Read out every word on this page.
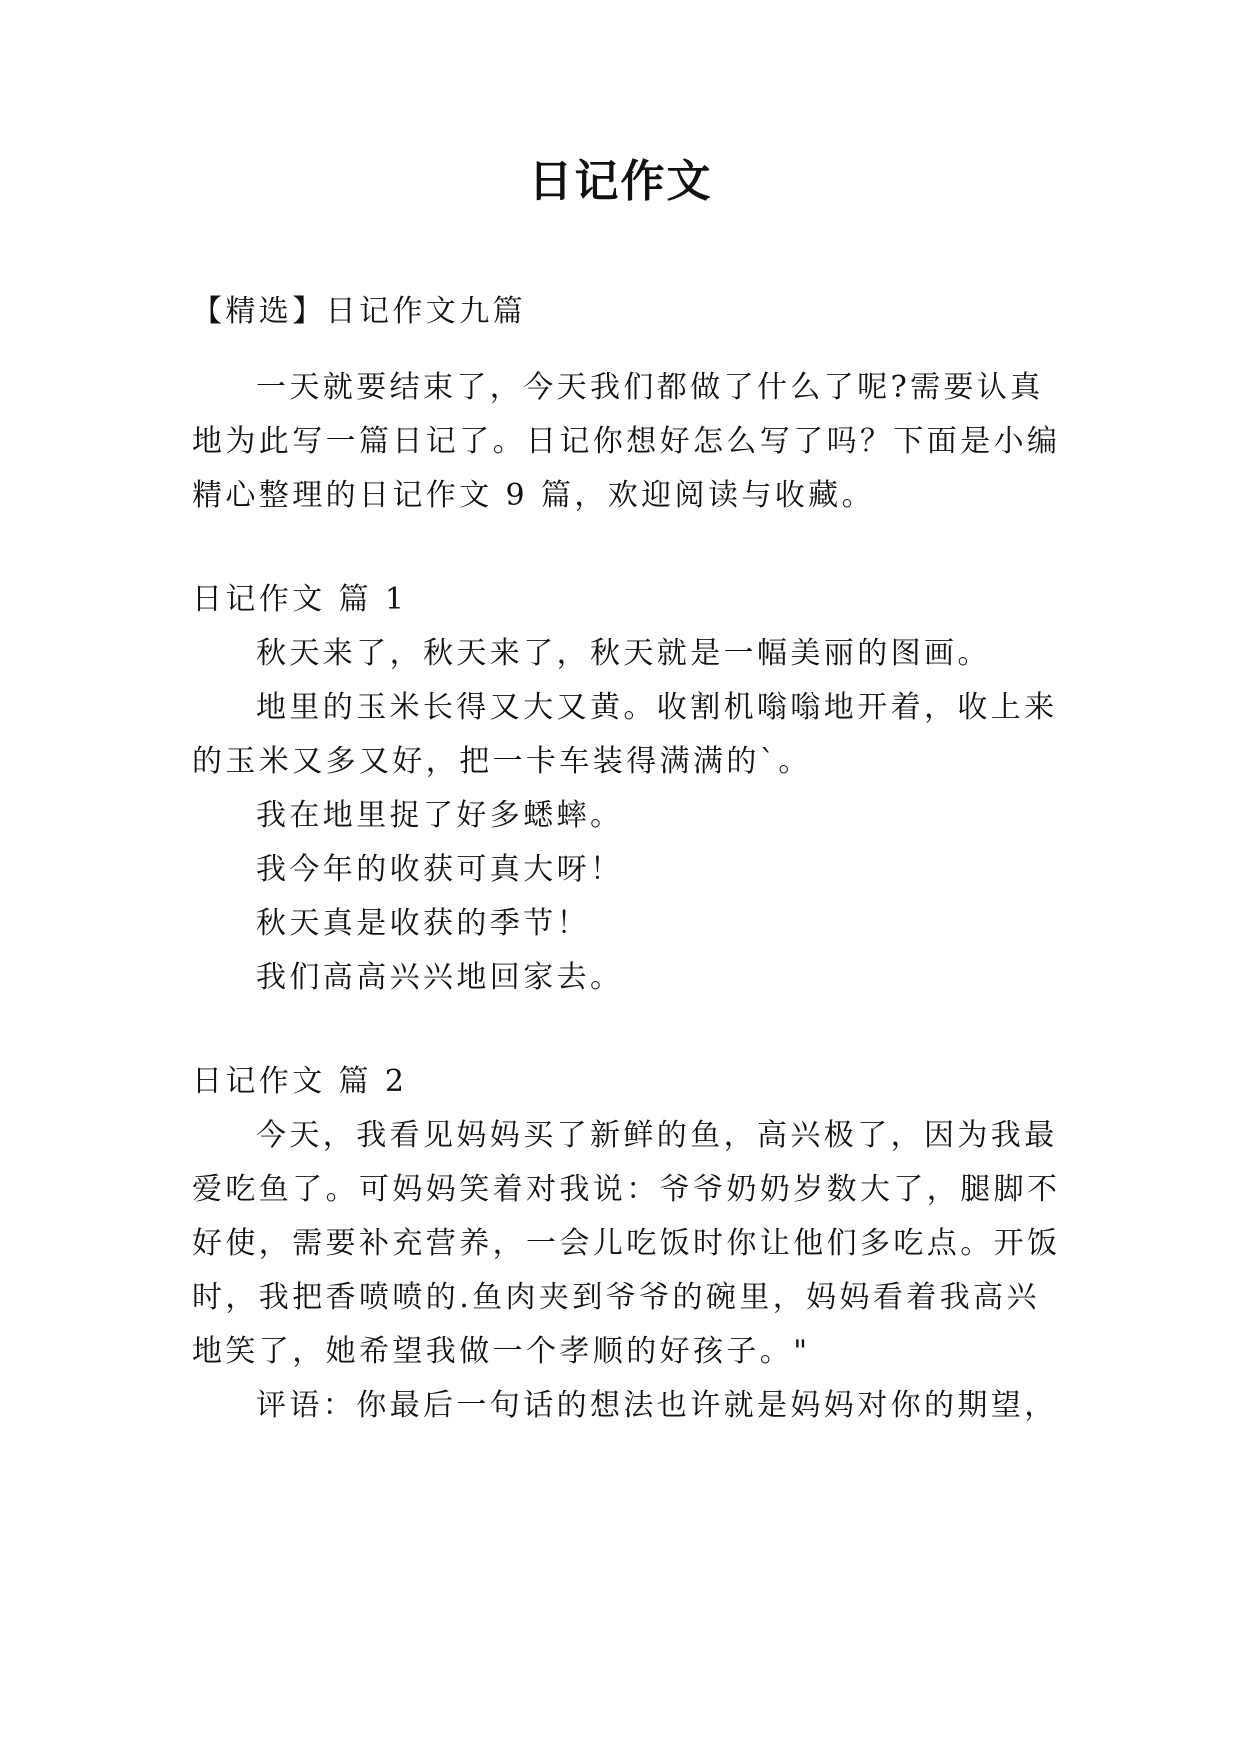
日记作文
【精选】日记作文九篇
一天就要结束了，今天我们都做了什么了呢?需要认真
地为此写一篇日记了。日记你想好怎么写了吗？下面是小编
精心整理的日记作文 9 篇，欢迎阅读与收藏。
日记作文 篇 1
秋天来了，秋天来了，秋天就是一幅美丽的图画。
地里的玉米长得又大又黄。收割机嗡嗡地开着，收上来
的玉米又多又好，把一卡车装得满满的`。
我在地里捉了好多蟋蟀。
我今年的收获可真大呀！
秋天真是收获的季节！
我们高高兴兴地回家去。
日记作文 篇 2
今天，我看见妈妈买了新鲜的鱼，高兴极了，因为我最
爱吃鱼了。可妈妈笑着对我说：爷爷奶奶岁数大了，腿脚不
好使，需要补充营养，一会儿吃饭时你让他们多吃点。开饭
时，我把香喷喷的.鱼肉夹到爷爷的碗里，妈妈看着我高兴
地笑了，她希望我做一个孝顺的好孩子。"
评语：你最后一句话的想法也许就是妈妈对你的期望，
